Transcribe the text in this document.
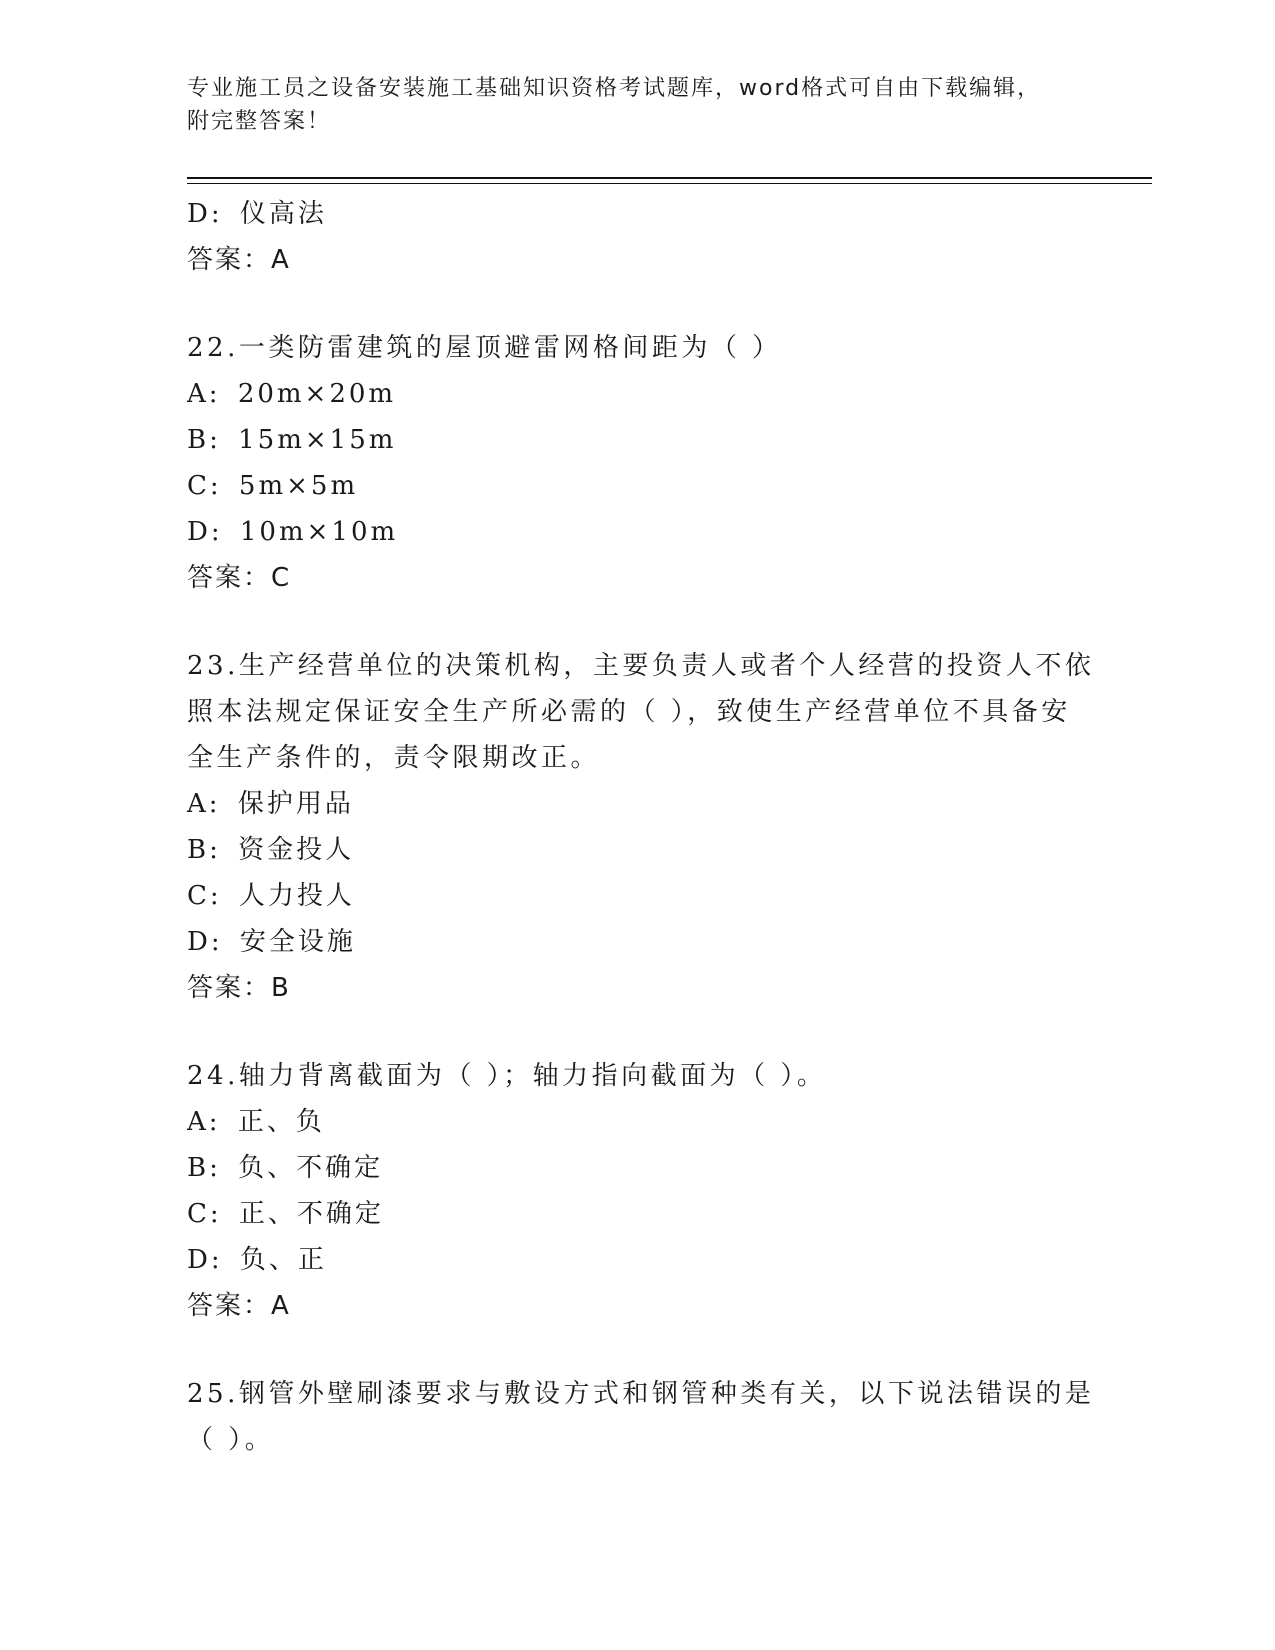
专业施工员之设备安装施工基础知识资格考试题库，word格式可自由下载编辑，
附完整答案！
D: 仪高法
答案：A
22.一类防雷建筑的屋顶避雷网格间距为（ ）
A: 20m×20m
B: 15m×15m
C: 5m×5m
D: 10m×10m
答案：C
23.生产经营单位的决策机构，主要负责人或者个人经营的投资人不依
照本法规定保证安全生产所必需的（ ），致使生产经营单位不具备安
全生产条件的，责令限期改正。
A: 保护用品
B: 资金投人
C: 人力投人
D: 安全设施
答案：B
24.轴力背离截面为（ ）；轴力指向截面为（ ）。
A: 正、负
B: 负、不确定
C: 正、不确定
D: 负、正
答案：A
25.钢管外壁刷漆要求与敷设方式和钢管种类有关，以下说法错误的是
（ ）。
